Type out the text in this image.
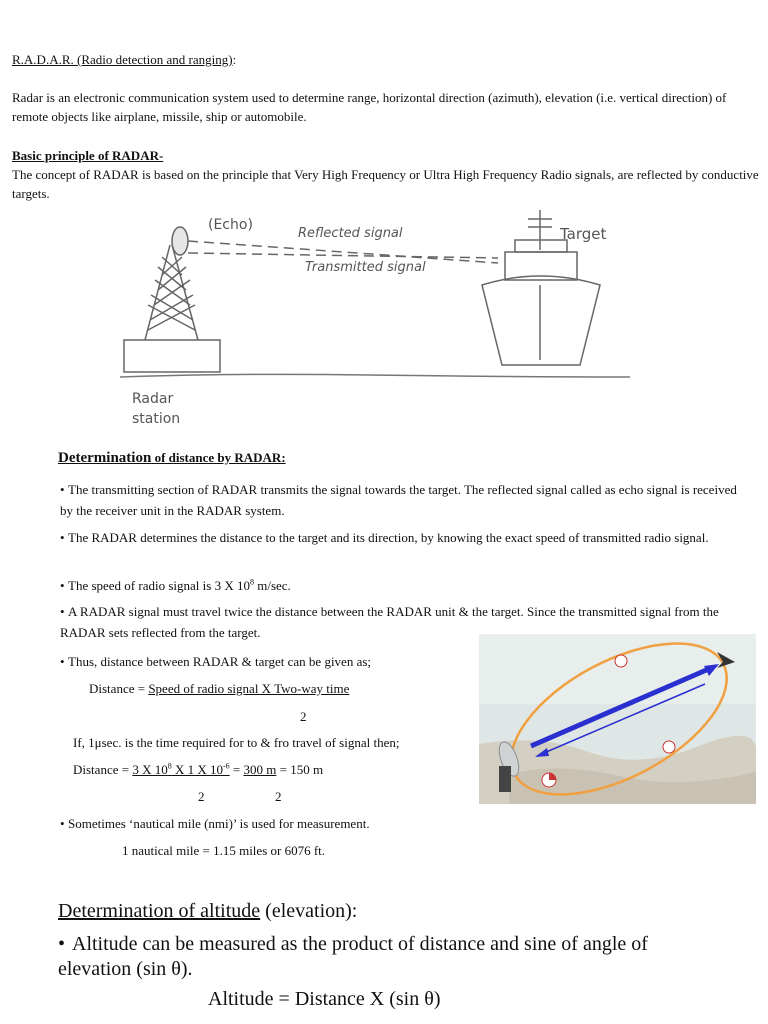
R.A.D.A.R. (Radio detection and ranging):
Radar is an electronic communication system used to determine range, horizontal direction (azimuth), elevation (i.e. vertical direction) of remote objects like airplane, missile, ship or automobile.
Basic principle of RADAR-
The concept of RADAR is based on the principle that Very High Frequency or Ultra High Frequency Radio signals, are reflected by conductive targets.
(Echo)
Reflected signal
Transmitted signal
Target
Radar
station
Determination of distance by RADAR:
• The transmitting section of RADAR transmits the signal towards the target. The reflected signal called as echo signal is received by the receiver unit in the RADAR system.
• The RADAR determines the distance to the target and its direction, by knowing the exact speed of transmitted radio signal.
• The speed of radio signal is 3 X $10^8$ m/sec.
• A RADAR signal must travel twice the distance between the RADAR unit & the target. Since the transmitted signal from the RADAR sets reflected from the target.
• Thus, distance between RADAR & target can be given as;
Distance = Speed of radio signal X Two-way time
2
If, 1μsec. is the time required for to & fro travel of signal then;
Distance = 3 X $10^8$ X 1 X $10^{-6} = 300$ m = 150 m
2	2
• Sometimes ‘nautical mile (nmi)’ is used for measurement.
1 nautical mile = 1.15 miles or 6076 ft.
Determination of altitude (elevation):
• Altitude can be measured as the product of distance and sine of angle of elevation (sin θ).
Altitude = Distance X (sin θ)
